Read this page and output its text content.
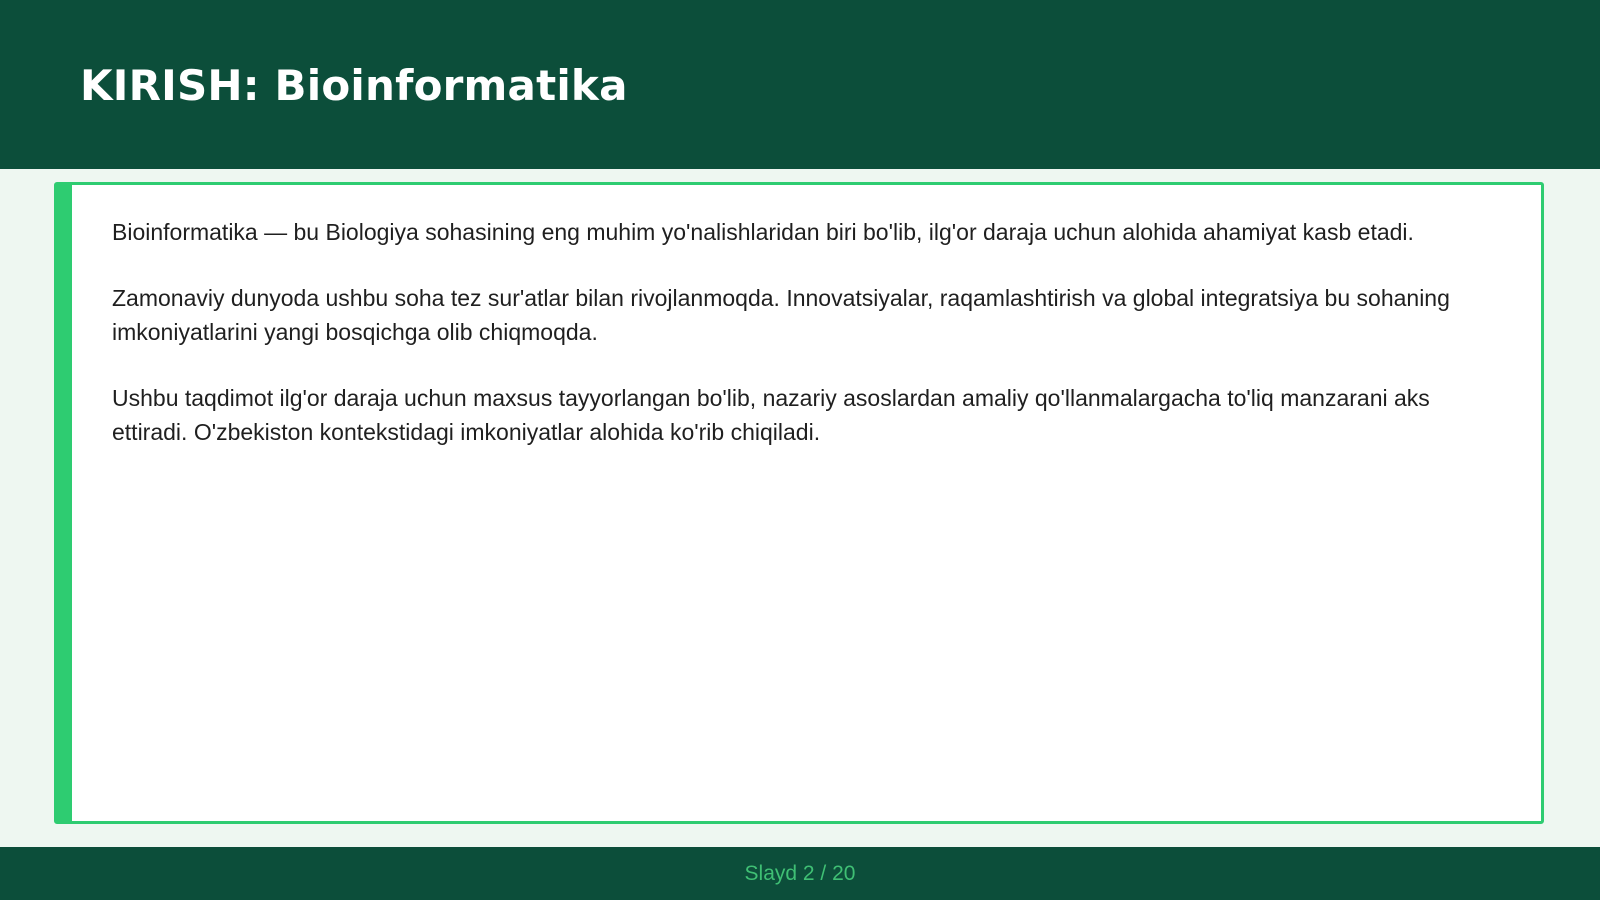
KIRISH: Bioinformatika

Bioinformatika — bu Biologiya sohasining eng muhim yo'nalishlaridan biri bo'lib, ilg'or daraja uchun alohida ahamiyat kasb etadi.

Zamonaviy dunyoda ushbu soha tez sur'atlar bilan rivojlanmoqda. Innovatsiyalar, raqamlashtirish va global integratsiya bu sohaning imkoniyatlarini yangi bosqichga olib chiqmoqda.

Ushbu taqdimot ilg'or daraja uchun maxsus tayyorlangan bo'lib, nazariy asoslardan amaliy qo'llanmalargacha to'liq manzarani aks ettiradi. O'zbekiston kontekstidagi imkoniyatlar alohida ko'rib chiqiladi.

Slayd 2 / 20
